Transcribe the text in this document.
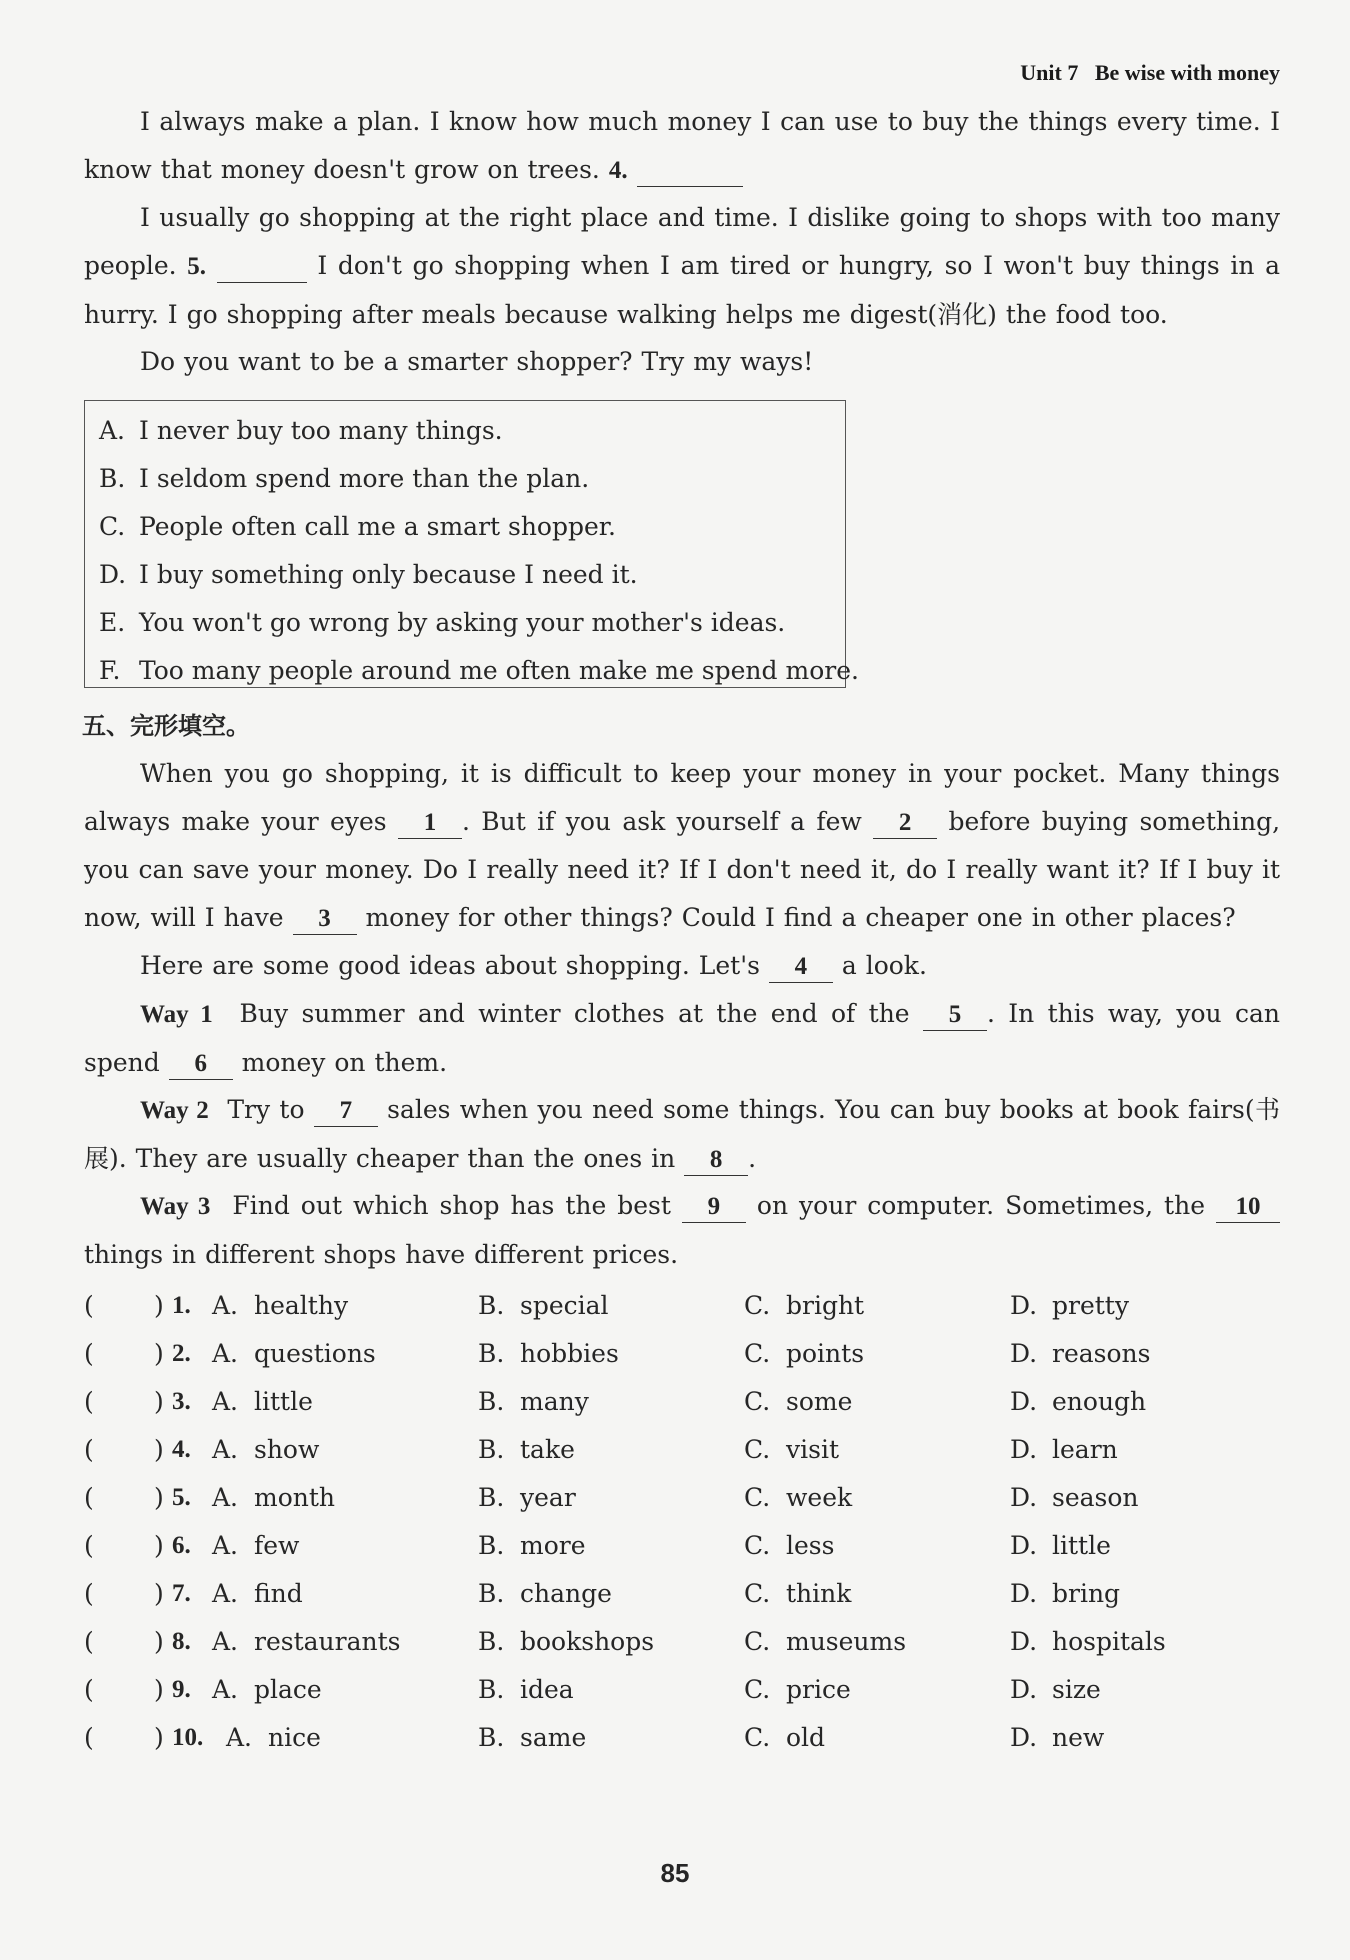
Unit 7 Be wise with money

I always make a plan. I know how much money I can use to buy the things every time. I know that money doesn't grow on trees. 4.

I usually go shopping at the right place and time. I dislike going to shops with too many people. 5.	I don't go shopping when I am tired or hungry, so I won't buy things in a hurry. I go shopping after meals because walking helps me digest(消化) the food too.

Do you want to be a smarter shopper? Try my ways!

A. I never buy too many things.
B. I seldom spend more than the plan.
C. People often call me a smart shopper.
D. I buy something only because I need it.
E. You won't go wrong by asking your mother's ideas.
F. Too many people around me often make me spend more.
五、完形填空。

When you go shopping, it is difficult to keep your money in your pocket. Many things always make your eyes 1 . But if you ask yourself a few 2 before buying something, you can save your money. Do I really need it? If I don't need it, do I really want it? If I buy it now, will I have 3 money for other things? Could I find a cheaper one in other places?

Here are some good ideas about shopping. Let's 4 a look.

Way 1 Buy summer and winter clothes at the end of the 5 . In this way, you can spend 6 money on them.

Way 2 Try to 7 sales when you need some things. You can buy books at book fairs(书展). They are usually cheaper than the ones in 8 .

Way 3 Find out which shop has the best 9 on your computer. Sometimes, the 10 things in different shops have different prices.

( ) 1. A. healthy	B. special	C. bright	D. pretty
( ) 2. A. questions	B. hobbies	C. points	D. reasons
( ) 3. A. little	B. many	C. some	D. enough
( ) 4. A. show	B. take	C. visit	D. learn
( ) 5. A. month	B. year	C. week	D. season
( ) 6. A. few	B. more	C. less	D. little
( ) 7. A. find	B. change	C. think	D. bring
( ) 8. A. restaurants	B. bookshops	C. museums	D. hospitals
( ) 9. A. place	B. idea	C. price	D. size
( ) 10. A. nice	B. same	C. old	D. new
85
